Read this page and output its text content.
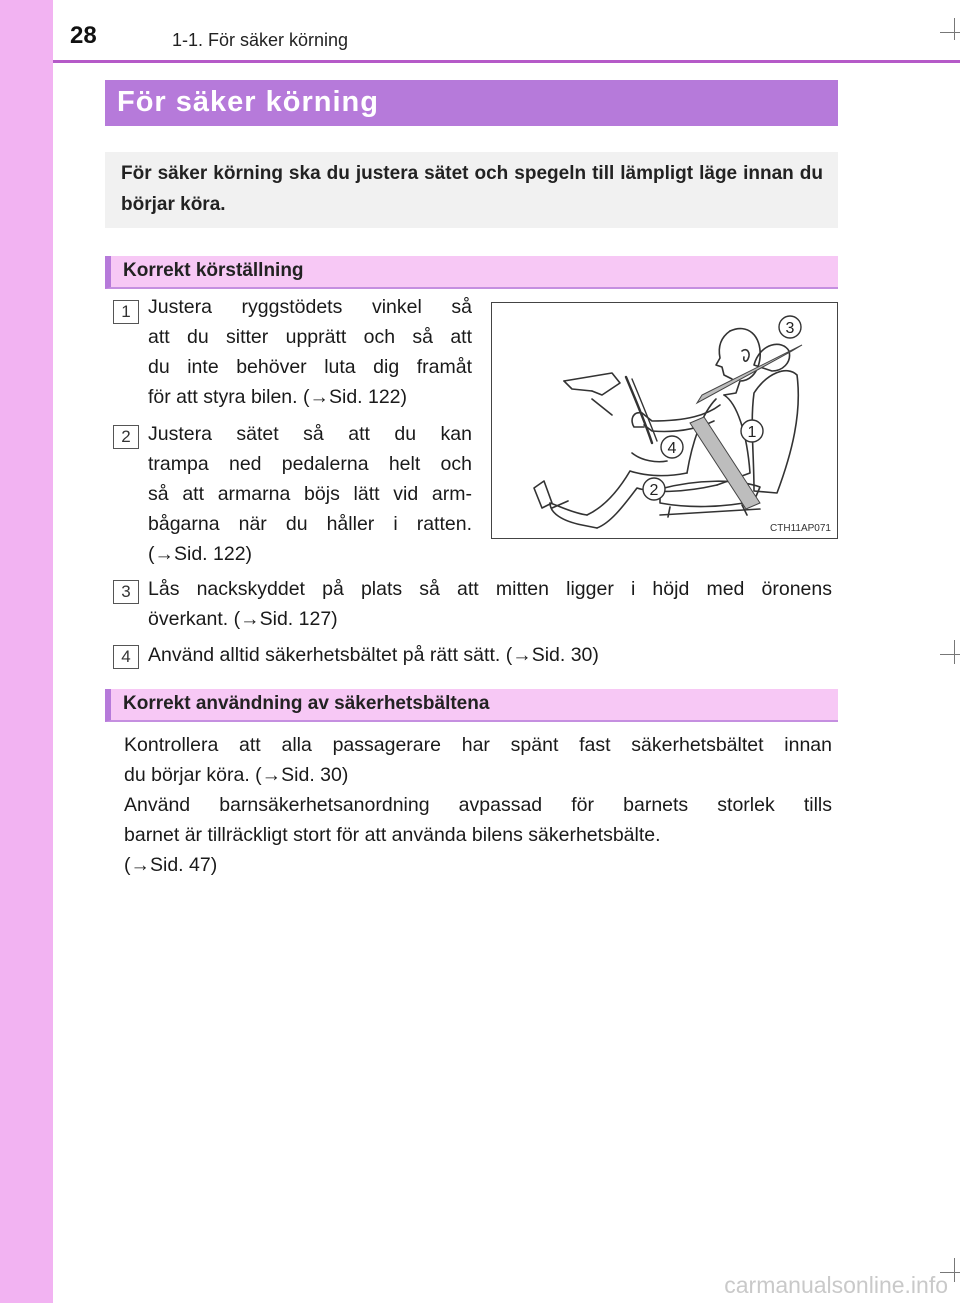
28	1-1. För säker körning
För säker körning

För säker körning ska du justera sätet och spegeln till lämpligt läge innan du börjar köra.

Korrekt körställning
1 Justera ryggstödets vinkel så
att du sitter upprätt och så att
du inte behöver luta dig framåt
för att styra bilen. (→Sid. 122)
2 Justera sätet så att du kan
trampa ned pedalerna helt och
så att armarna böjs lätt vid arm-
bågarna när du håller i ratten.
(→Sid. 122)
3
1
4
2
CTH11AP071
3 Lås nackskyddet på plats så att mitten ligger i höjd med öronens
överkant. (→Sid. 127)
4 Använd alltid säkerhetsbältet på rätt sätt. (→Sid. 30)
Korrekt användning av säkerhetsbältena
Kontrollera att alla passagerare har spänt fast säkerhetsbältet innan
du börjar köra. (→Sid. 30)
Använd barnsäkerhetsanordning avpassad för barnets storlek tills
barnet är tillräckligt stort för att använda bilens säkerhetsbälte.
(→Sid. 47)
carmanualsonline.info
